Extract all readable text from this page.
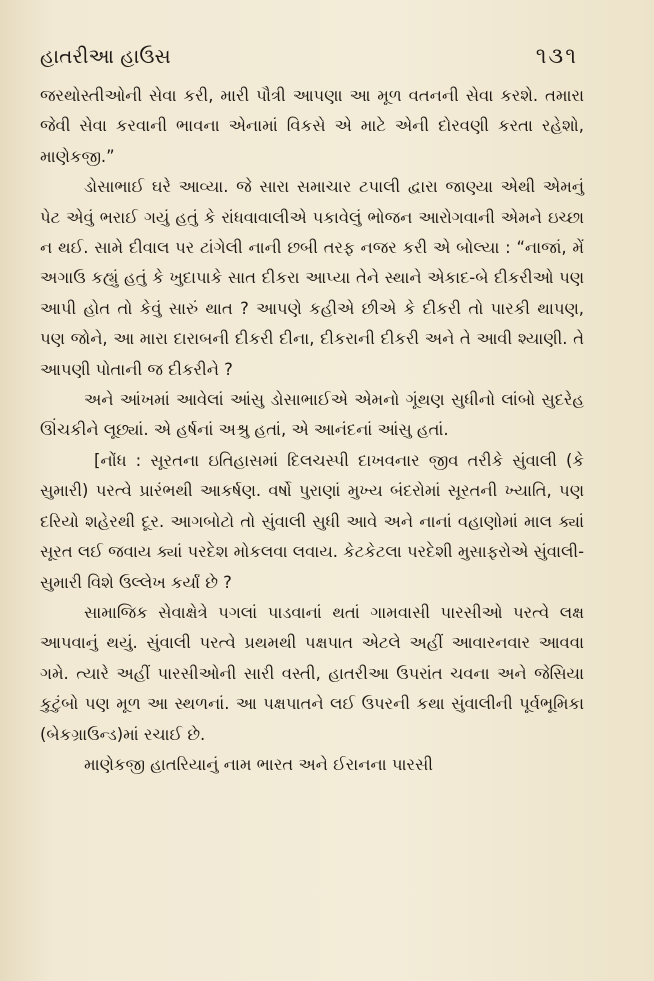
હાતરીઆ હાઉસ	૧૩૧

જરથોસ્તીઓની સેવા કરી, મારી પૌત્રી આપણા આ મૂળ વતનની સેવા કરશે. તમારા જેવી સેવા કરવાની ભાવના એનામાં વિકસે એ માટે એની દોરવણી કરતા રહેશો, માણેકજી.”

ડોસાભાઈ ઘરે આવ્યા. જે સારા સમાચાર ટપાલી દ્વારા જાણ્યા એથી એમનું પેટ એવું ભરાઈ ગયું હતું કે રાંધવાવાલીએ પકાવેલું ભોજન આરોગવાની એમને ઇચ્છા ન થઈ. સામે દીવાલ પર ટાંગેલી નાની છબી તરફ નજર કરી એ બોલ્યા : “નાજાં, મેં અગાઉ કહ્યું હતું કે ખુદાપાકે સાત દીકરા આપ્યા તેને સ્થાને એકાદ-બે દીકરીઓ પણ આપી હોત તો કેવું સારું થાત ? આપણે કહીએ છીએ કે દીકરી તો પારકી થાપણ, પણ જોને, આ મારા દારાબની દીકરી દીના, દીકરાની દીકરી અને તે આવી શ્યાણી. તે આપણી પોતાની જ દીકરીને ?

અને આંખમાં આવેલાં આંસુ ડોસાભાઈએ એમનો ગૂંથણ સુધીનો લાંબો સુદરેહ ઊંચકીને લૂછ્યાં. એ હર્ષનાં અશ્રુ હતાં, એ આનંદનાં આંસુ હતાં.

[નોંધ : સૂરતના ઇતિહાસમાં દિલચસ્પી દાખવનાર જીવ તરીકે સુંવાલી (કે સુમારી) પરત્વે પ્રારંભથી આકર્ષણ. વર્ષો પુરાણાં મુખ્ય બંદરોમાં સૂરતની ખ્યાતિ, પણ દરિયો શહેરથી દૂર. આગબોટો તો સુંવાલી સુધી આવે અને નાનાં વહાણોમાં માલ ક્યાં સૂરત લઈ જવાય ક્યાં પરદેશ મોકલવા લવાય. કેટકેટલા પરદેશી મુસાફરોએ સુંવાલી-સુમારી વિશે ઉલ્લેખ કર્યાં છે ?

સામાજિક સેવાક્ષેત્રે પગલાં પાડવાનાં થતાં ગામવાસી પારસીઓ પરત્વે લક્ષ આપવાનું થયું. સુંવાલી પરત્વે પ્રથમથી પક્ષપાત એટલે અહીં આવારનવાર આવવા ગમે. ત્યારે અહીં પારસીઓની સારી વસ્તી, હાતરીઆ ઉપરાંત ચવના અને જેસિયા કુટુંબો પણ મૂળ આ સ્થળનાં. આ પક્ષપાતને લઈ ઉપરની કથા સુંવાલીની પૂર્વભૂમિકા (બેકગ્રાઉન્ડ)માં રચાઈ છે.

માણેકજી હાતરિયાનું નામ ભારત અને ઈરાનના પારસી
